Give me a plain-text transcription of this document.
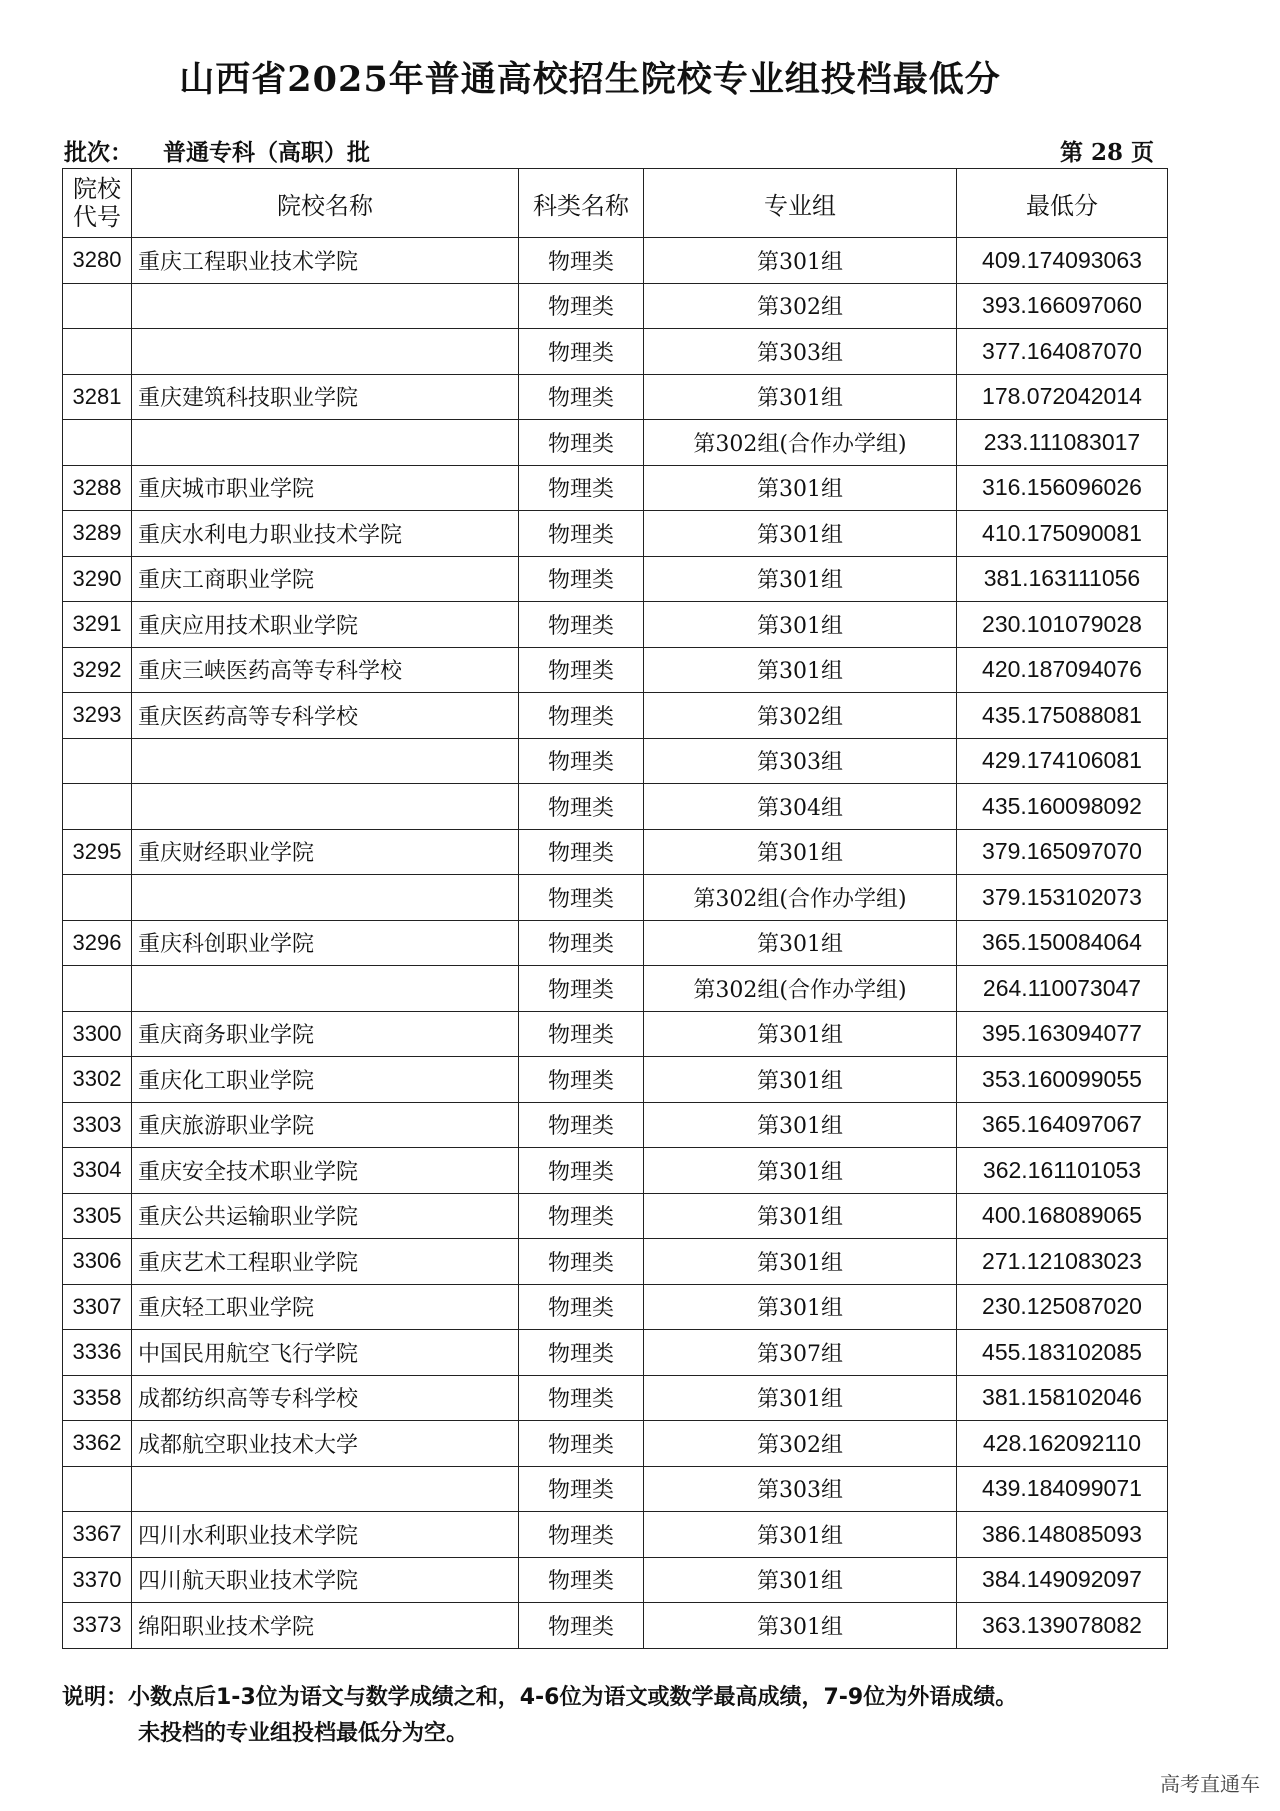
山西省2025年普通高校招生院校专业组投档最低分
批次： 普通专科（高职）批	第 28 页
院校
代号	院校名称	科类名称	专业组	最低分
3280	重庆工程职业技术学院	物理类	第301组	409.174093063
		物理类	第302组	393.166097060
		物理类	第303组	377.164087070
3281	重庆建筑科技职业学院	物理类	第301组	178.072042014
		物理类	第302组(合作办学组)	233.111083017
3288	重庆城市职业学院	物理类	第301组	316.156096026
3289	重庆水利电力职业技术学院	物理类	第301组	410.175090081
3290	重庆工商职业学院	物理类	第301组	381.163111056
3291	重庆应用技术职业学院	物理类	第301组	230.101079028
3292	重庆三峡医药高等专科学校	物理类	第301组	420.187094076
3293	重庆医药高等专科学校	物理类	第302组	435.175088081
		物理类	第303组	429.174106081
		物理类	第304组	435.160098092
3295	重庆财经职业学院	物理类	第301组	379.165097070
		物理类	第302组(合作办学组)	379.153102073
3296	重庆科创职业学院	物理类	第301组	365.150084064
		物理类	第302组(合作办学组)	264.110073047
3300	重庆商务职业学院	物理类	第301组	395.163094077
3302	重庆化工职业学院	物理类	第301组	353.160099055
3303	重庆旅游职业学院	物理类	第301组	365.164097067
3304	重庆安全技术职业学院	物理类	第301组	362.161101053
3305	重庆公共运输职业学院	物理类	第301组	400.168089065
3306	重庆艺术工程职业学院	物理类	第301组	271.121083023
3307	重庆轻工职业学院	物理类	第301组	230.125087020
3336	中国民用航空飞行学院	物理类	第307组	455.183102085
3358	成都纺织高等专科学校	物理类	第301组	381.158102046
3362	成都航空职业技术大学	物理类	第302组	428.162092110
		物理类	第303组	439.184099071
3367	四川水利职业技术学院	物理类	第301组	386.148085093
3370	四川航天职业技术学院	物理类	第301组	384.149092097
3373	绵阳职业技术学院	物理类	第301组	363.139078082
说明：小数点后1-3位为语文与数学成绩之和，4-6位为语文或数学最高成绩，7-9位为外语成绩。
未投档的专业组投档最低分为空。
高考直通车
